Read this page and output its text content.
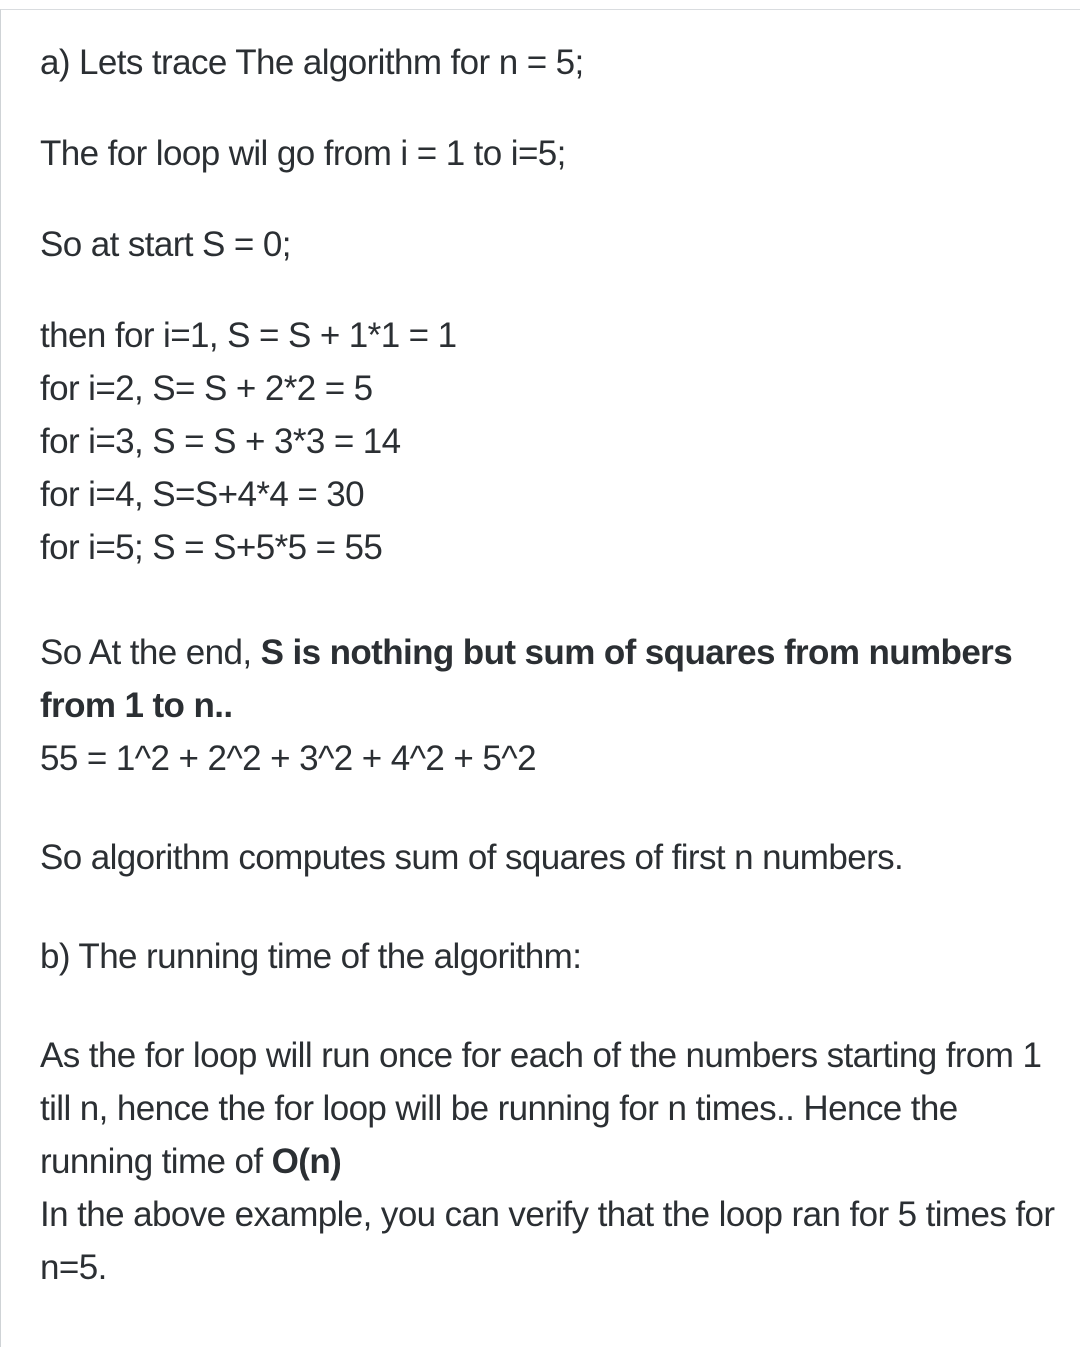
a) Lets trace The algorithm for n = 5;

The for loop wil go from i = 1 to i=5;

So at start S = 0;

then for i=1, S = S + 1*1 = 1

for i=2, S= S + 2*2 = 5

for i=3, S = S + 3*3 = 14

for i=4, S=S+4*4 = 30

for i=5; S = S+5*5 = 55

So At the end, S is nothing but sum of squares from numbers from 1 to n..

55 = 1^2 + 2^2 + 3^2 + 4^2 + 5^2

So algorithm computes sum of squares of first n numbers.

b) The running time of the algorithm:

As the for loop will run once for each of the numbers starting from 1 till n, hence the for loop will be running for n times.. Hence the running time of O(n)

In the above example, you can verify that the loop ran for 5 times for n=5.
